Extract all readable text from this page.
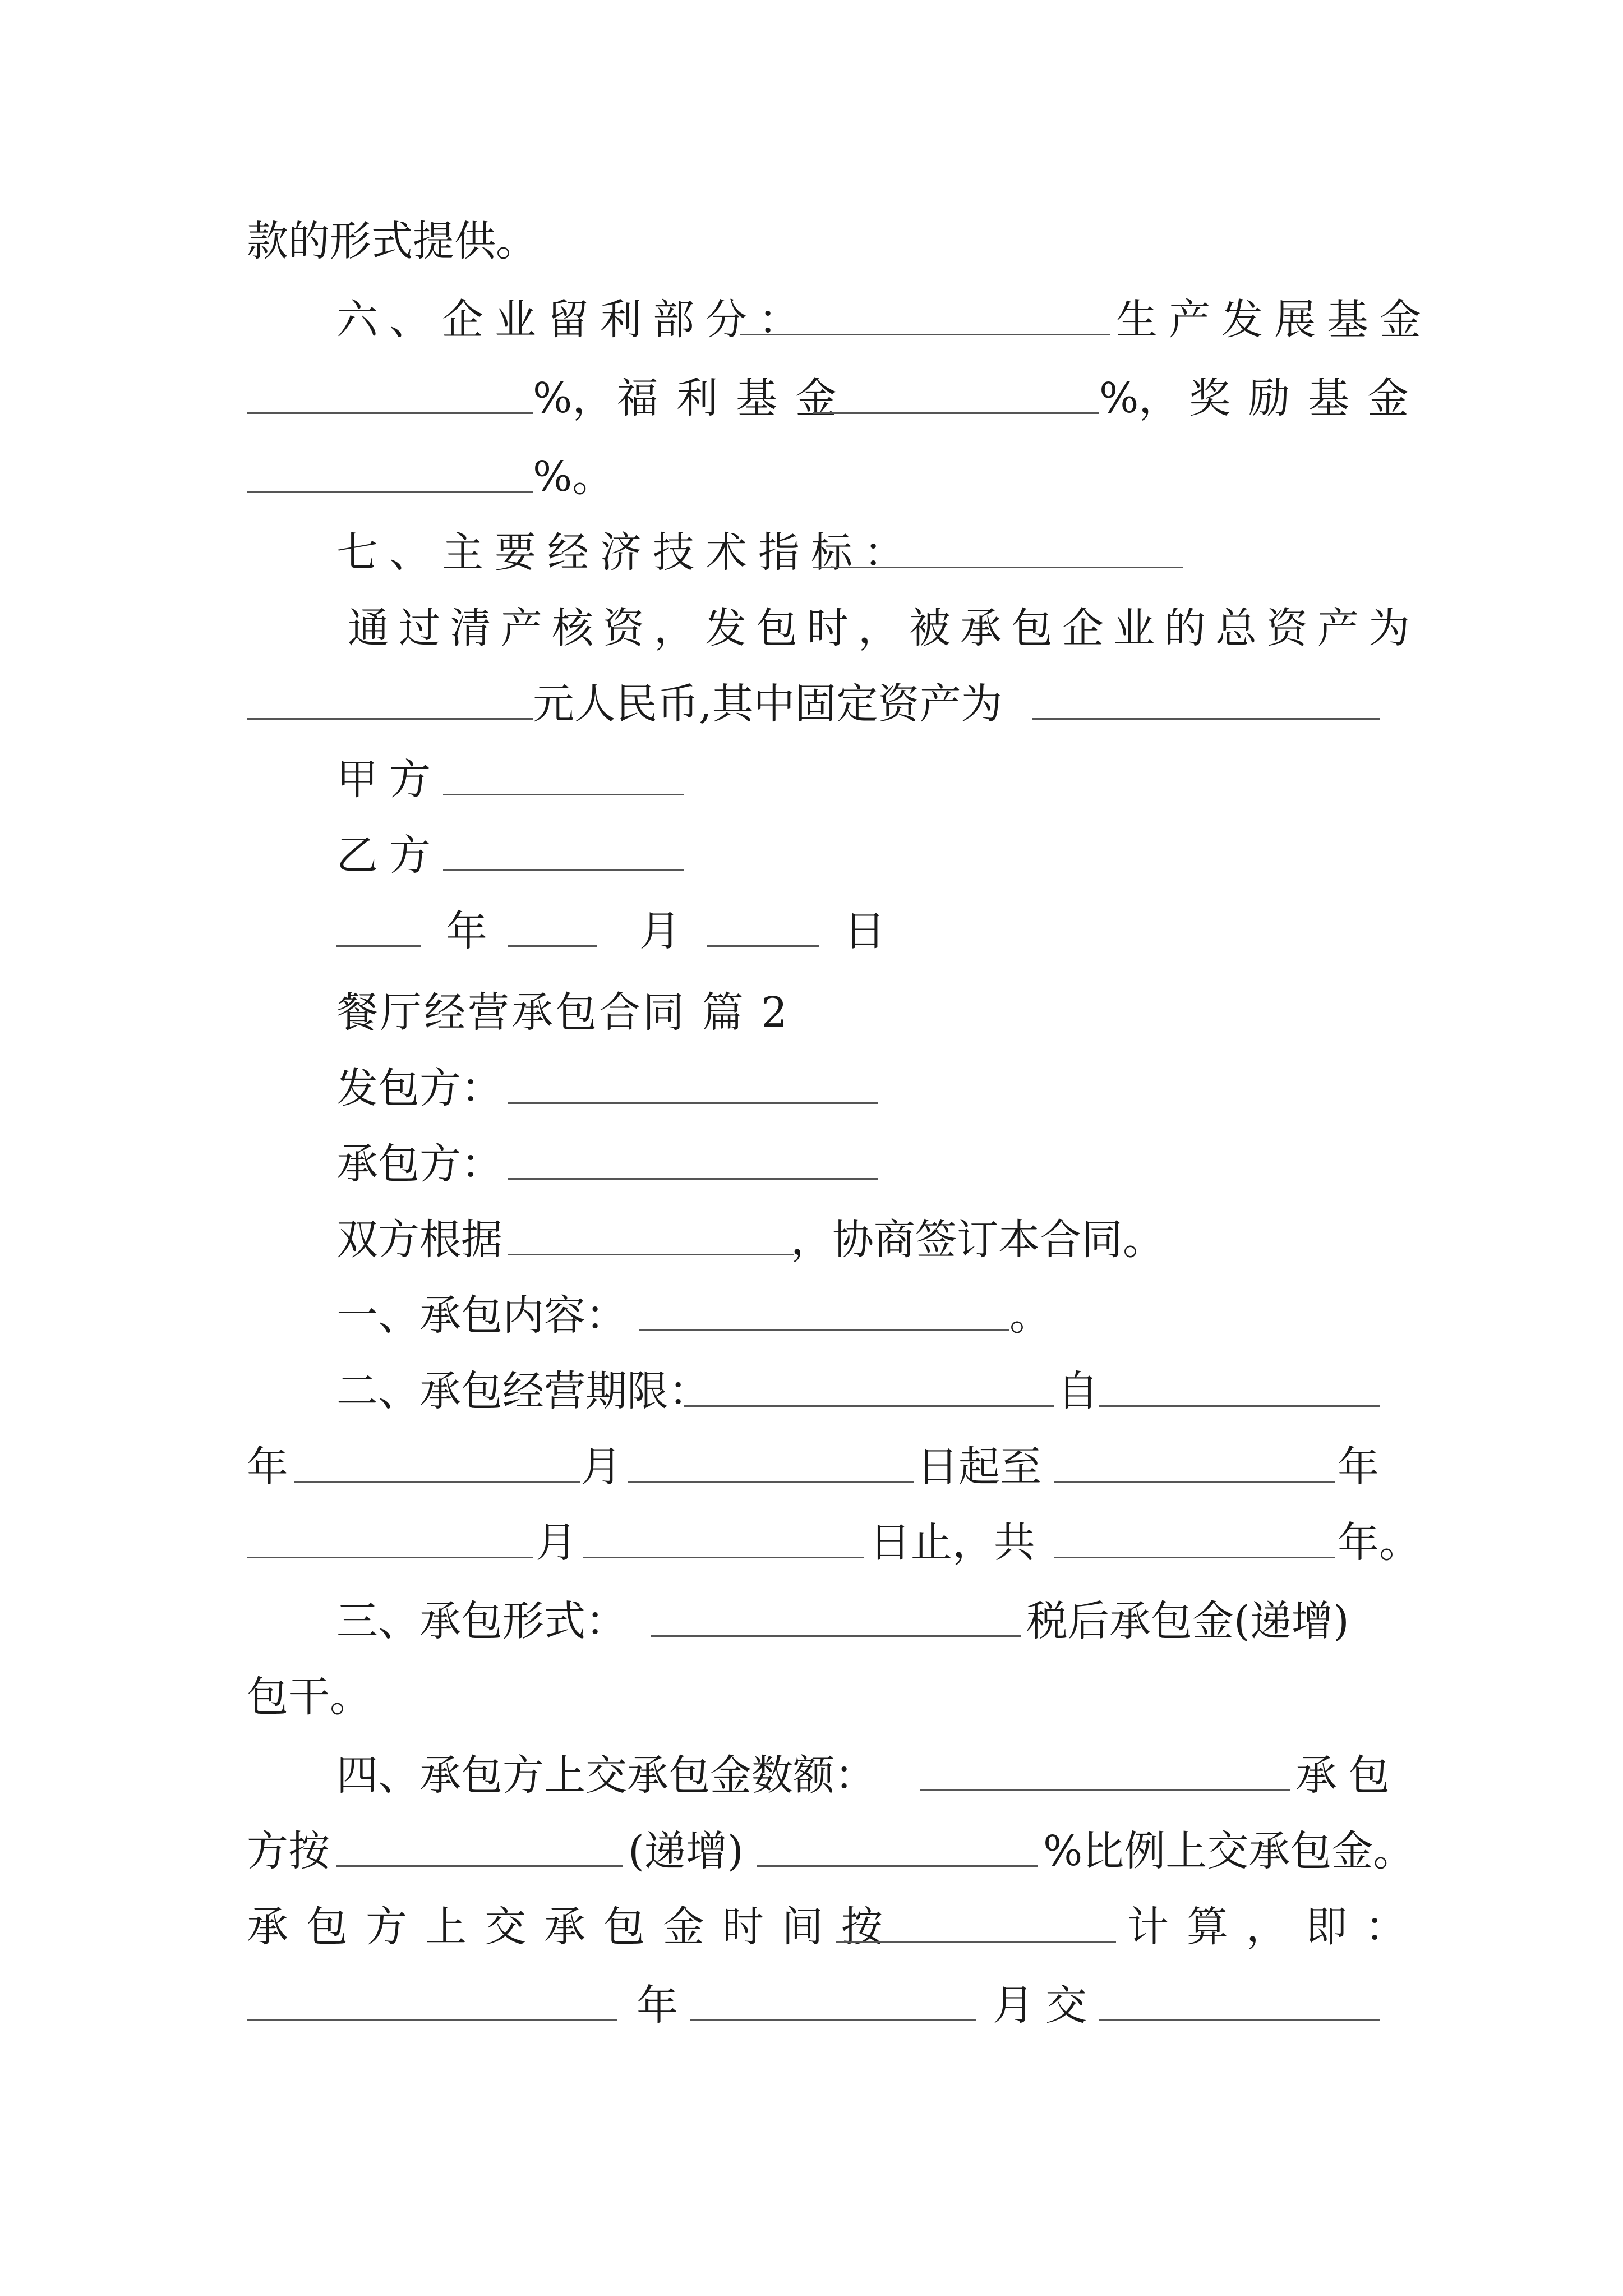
款的形式提供。
六、企业留利部分：	生产发展基金
%， 福利基金	%， 奖励基金
%。
七、主要经济技术指标：
通过清产核资，发包时，被承包企业的总资产为
元人民币,其中固定资产为
甲方
乙方
年	月	日
餐厅经营承包合同 篇 2
发包方：
承包方：
双方根据	，协商签订本合同。
一、承包内容：	。
二、承包经营期限：	自
年	月	日起至	年
月	日止，共	年。
三、承包形式：	税后承包金(递增)
包干。
四、承包方上交承包金数额：	承包
方按	(递增)	%比例上交承包金。
承包方上交承包金时间按	计算，即：
年	月交
